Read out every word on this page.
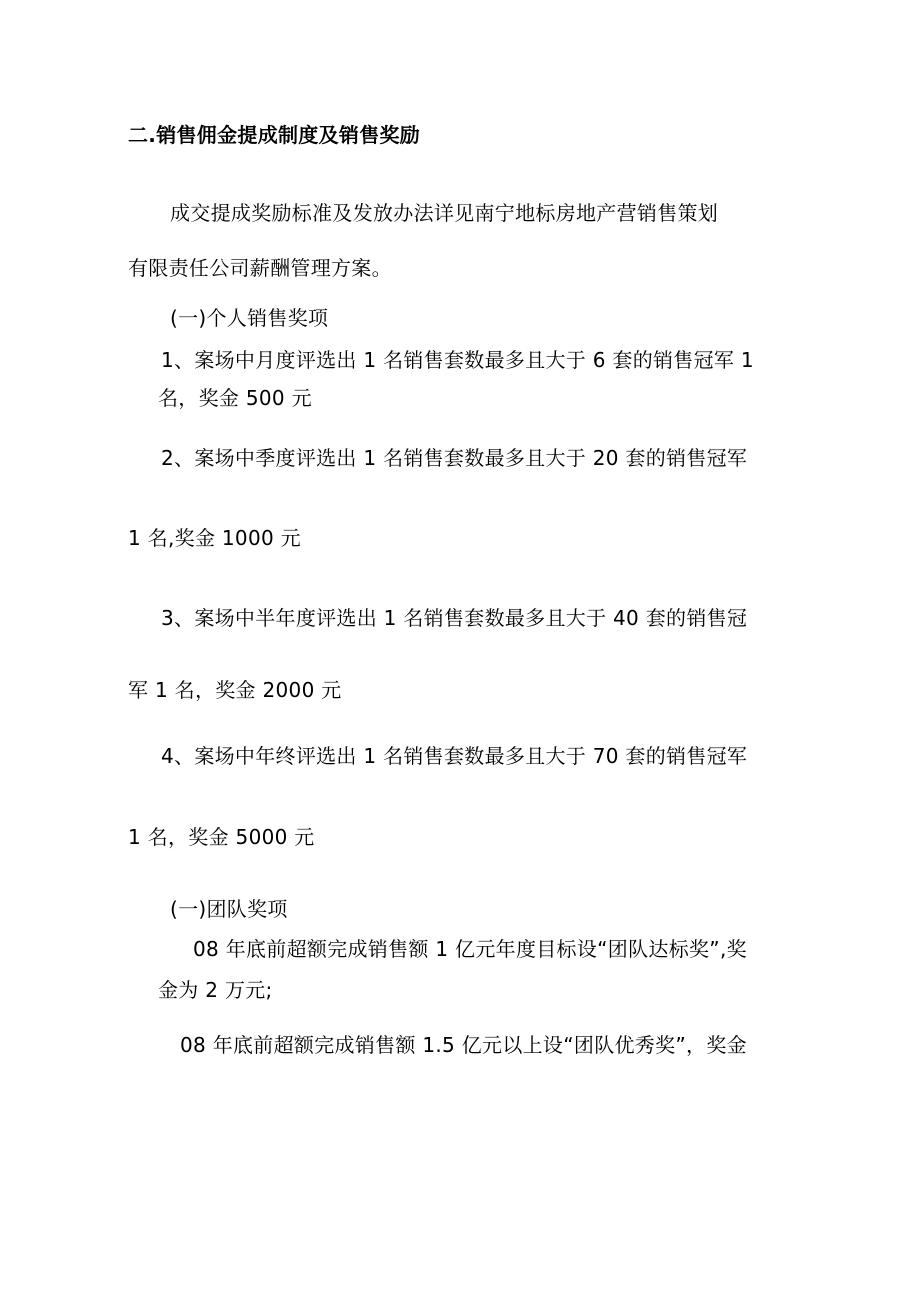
二.销售佣金提成制度及销售奖励
成交提成奖励标准及发放办法详见南宁地标房地产营销售策划
有限责任公司薪酬管理方案。
(一)个人销售奖项
1、案场中月度评选出 1 名销售套数最多且大于 6 套的销售冠军 1
名，奖金 500 元
2、案场中季度评选出 1 名销售套数最多且大于 20 套的销售冠军
1 名,奖金 1000 元
3、案场中半年度评选出 1 名销售套数最多且大于 40 套的销售冠
军 1 名，奖金 2000 元
4、案场中年终评选出 1 名销售套数最多且大于 70 套的销售冠军
1 名，奖金 5000 元
(一)团队奖项
08 年底前超额完成销售额 1 亿元年度目标设“团队达标奖”,奖
金为 2 万元;
08 年底前超额完成销售额 1.5 亿元以上设“团队优秀奖”，奖金
